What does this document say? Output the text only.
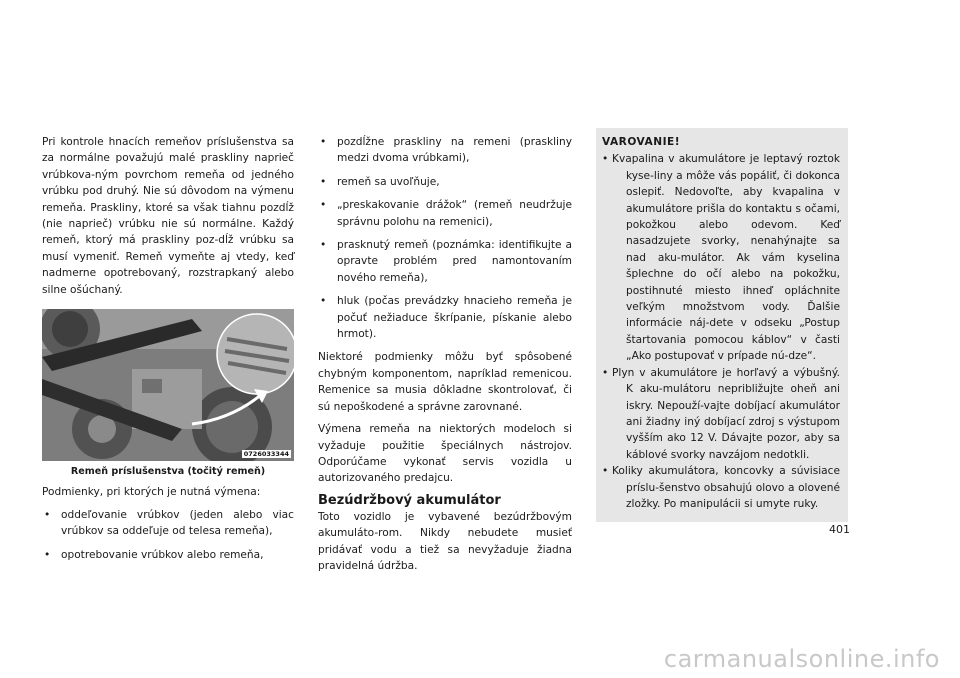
Pri kontrole hnacích remeňov príslušenstva sa za normálne považujú malé praskliny naprieč vrúbkova-ným povrchom remeňa od jedného vrúbku pod druhý. Nie sú dôvodom na výmenu remeňa. Praskliny, ktoré sa však tiahnu pozdĺž (nie naprieč) vrúbku nie sú normálne. Každý remeň, ktorý má praskliny poz-dĺž vrúbku sa musí vymeniť. Remeň vymeňte aj vtedy, keď nadmerne opotrebovaný, rozstrapkaný alebo silne ošúchaný.

0726033344
Remeň príslušenstva (točitý remeň)

Podmienky, pri ktorých je nutná výmena:

• oddeľovanie vrúbkov (jeden alebo viac vrúbkov sa oddeľuje od telesa remeňa),
• opotrebovanie vrúbkov alebo remeňa,
• pozdĺžne praskliny na remeni (praskliny medzi dvoma vrúbkami),
• remeň sa uvoľňuje,
• „preskakovanie drážok“ (remeň neudržuje správnu polohu na remenici),
• prasknutý remeň (poznámka: identifikujte a opravte problém pred namontovaním nového remeňa),
• hluk (počas prevádzky hnacieho remeňa je počuť nežiaduce škrípanie, pískanie alebo hrmot).

Niektoré podmienky môžu byť spôsobené chybným komponentom, napríklad remenicou. Remenice sa musia dôkladne skontrolovať, či sú nepoškodené a správne zarovnané.

Výmena remeňa na niektorých modeloch si vyžaduje použitie špeciálnych nástrojov. Odporúčame vykonať servis vozidla u autorizovaného predajcu.

Bezúdržbový akumulátor

Toto vozidlo je vybavené bezúdržbovým akumuláto-rom. Nikdy nebudete musieť pridávať vodu a tiež sa nevyžaduje žiadna pravidelná údržba.

VAROVANIE!
• Kvapalina v akumulátore je leptavý roztok kyse-liny a môže vás popáliť, či dokonca oslepiť. Nedovoľte, aby kvapalina v akumulátore prišla do kontaktu s očami, pokožkou alebo odevom. Keď nasadzujete svorky, nenahýnajte sa nad aku-mulátor. Ak vám kyselina šplechne do očí alebo na pokožku, postihnuté miesto ihneď opláchnite veľkým množstvom vody. Ďalšie informácie náj-dete v odseku „Postup štartovania pomocou káblov“ v časti „Ako postupovať v prípade nú-dze“.
• Plyn v akumulátore je horľavý a výbušný. K aku-mulátoru nepribližujte oheň ani iskry. Nepouží-vajte dobíjací akumulátor ani žiadny iný dobíjací zdroj s výstupom vyšším ako 12 V. Dávajte pozor, aby sa káblové svorky navzájom nedotkli.
• Koliky akumulátora, koncovky a súvisiace príslu-šenstvo obsahujú olovo a olovené zložky. Po manipulácii si umyte ruky.
401
carmanualsonline.info
